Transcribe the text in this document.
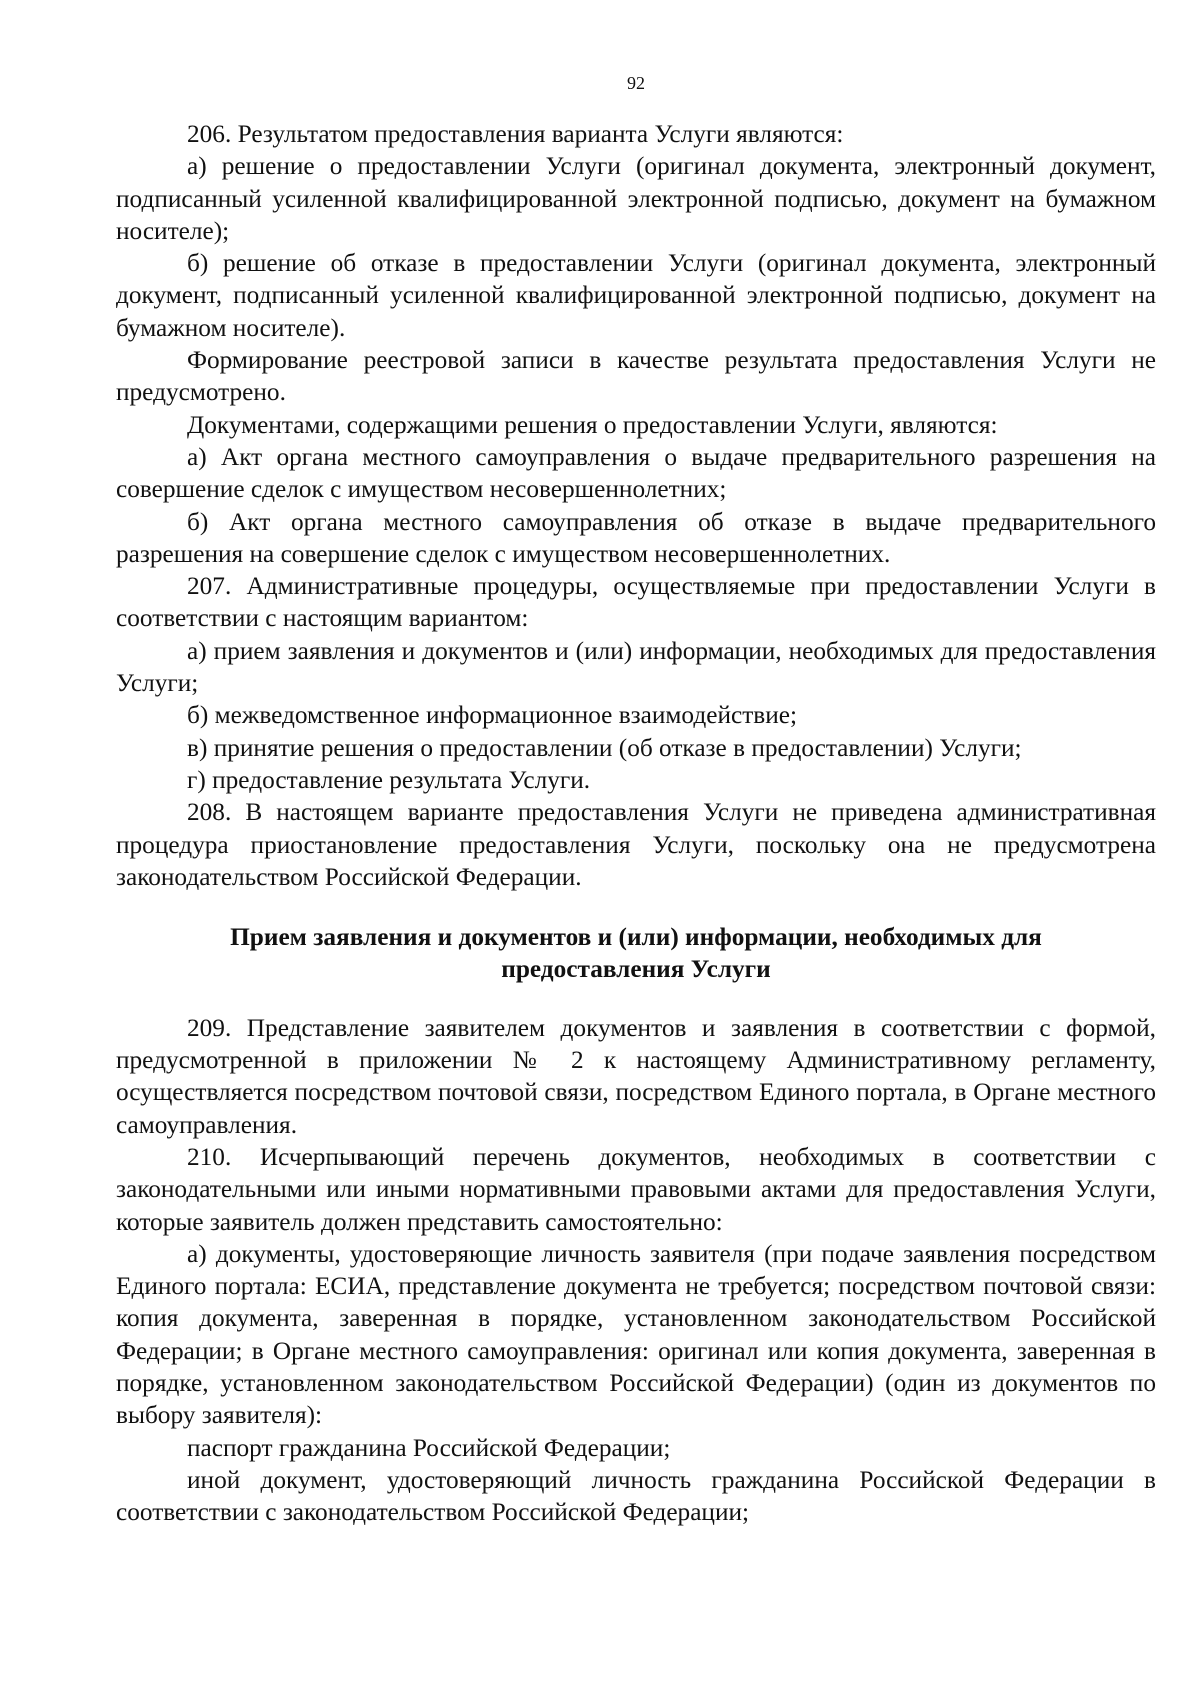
92

206. Результатом предоставления варианта Услуги являются:

а) решение о предоставлении Услуги (оригинал документа, электронный документ, подписанный усиленной квалифицированной электронной подписью, документ на бумажном носителе);

б) решение об отказе в предоставлении Услуги (оригинал документа, электронный документ, подписанный усиленной квалифицированной электронной подписью, документ на бумажном носителе).

Формирование реестровой записи в качестве результата предоставления Услуги не предусмотрено.

Документами, содержащими решения о предоставлении Услуги, являются:

а) Акт органа местного самоуправления о выдаче предварительного разрешения на совершение сделок с имуществом несовершеннолетних;

б) Акт органа местного самоуправления об отказе в выдаче предварительного разрешения на совершение сделок с имуществом несовершеннолетних.

207. Административные процедуры, осуществляемые при предоставлении Услуги в соответствии с настоящим вариантом:

а) прием заявления и документов и (или) информации, необходимых для предоставления Услуги;

б) межведомственное информационное взаимодействие;

в) принятие решения о предоставлении (об отказе в предоставлении) Услуги;

г) предоставление результата Услуги.

208. В настоящем варианте предоставления Услуги не приведена административная процедура приостановление предоставления Услуги, поскольку она не предусмотрена законодательством Российской Федерации.

Прием заявления и документов и (или) информации, необходимых для предоставления Услуги

209. Представление заявителем документов и заявления в соответствии с формой, предусмотренной в приложении № 2 к настоящему Административному регламенту, осуществляется посредством почтовой связи, посредством Единого портала, в Органе местного самоуправления.

210. Исчерпывающий перечень документов, необходимых в соответствии с законодательными или иными нормативными правовыми актами для предоставления Услуги, которые заявитель должен представить самостоятельно:

а) документы, удостоверяющие личность заявителя (при подаче заявления посредством Единого портала: ЕСИА, представление документа не требуется; посредством почтовой связи: копия документа, заверенная в порядке, установленном законодательством Российской Федерации; в Органе местного самоуправления: оригинал или копия документа, заверенная в порядке, установленном законодательством Российской Федерации) (один из документов по выбору заявителя):

паспорт гражданина Российской Федерации;

иной документ, удостоверяющий личность гражданина Российской Федерации в соответствии с законодательством Российской Федерации;
